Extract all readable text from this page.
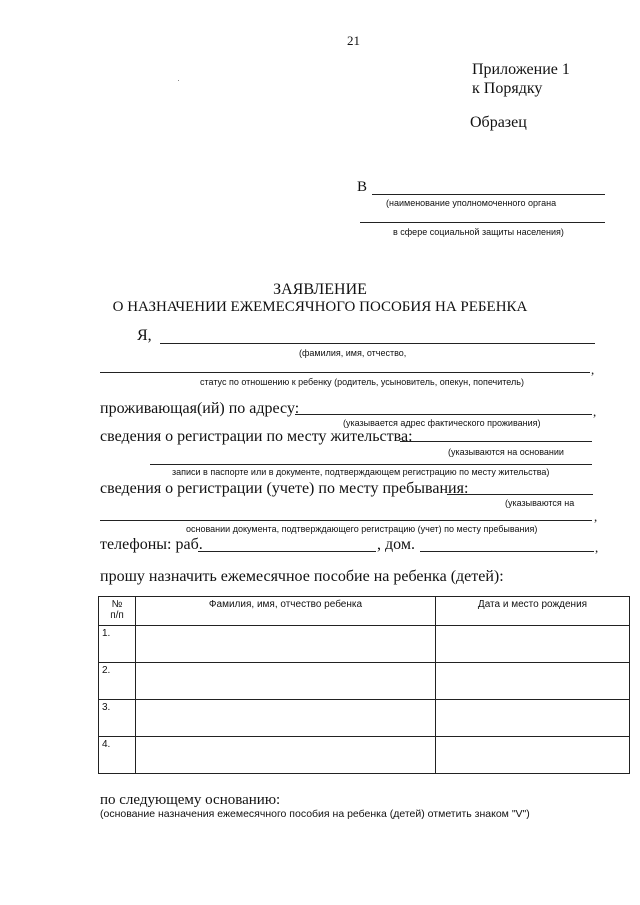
21
Приложение 1
к Порядку
Образец
В
(наименование уполномоченного органа
в сфере социальной защиты населения)
ЗАЯВЛЕНИЕ
О НАЗНАЧЕНИИ ЕЖЕМЕСЯЧНОГО ПОСОБИЯ НА РЕБЕНКА
Я,
(фамилия, имя, отчество,
,
статус по отношению к ребенку (родитель, усыновитель, опекун, попечитель)
проживающая(ий) по адресу:	,
(указывается адрес фактического проживания)
сведения о регистрации по месту жительства:
(указываются на основании
записи в паспорте или в документе, подтверждающем регистрацию по месту жительства)
сведения о регистрации (учете) по месту пребывания:
(указываются на
,
основании документа, подтверждающего регистрацию (учет) по месту пребывания)
телефоны: раб.	, дом.	,
прошу назначить ежемесячное пособие на ребенка (детей):
№
п/п	Фамилия, имя, отчество ребенка	Дата и место рождения
1.		
2.		
3.		
4.		
по следующему основанию:
(основание назначения ежемесячного пособия на ребенка (детей) отметить знаком "V")
